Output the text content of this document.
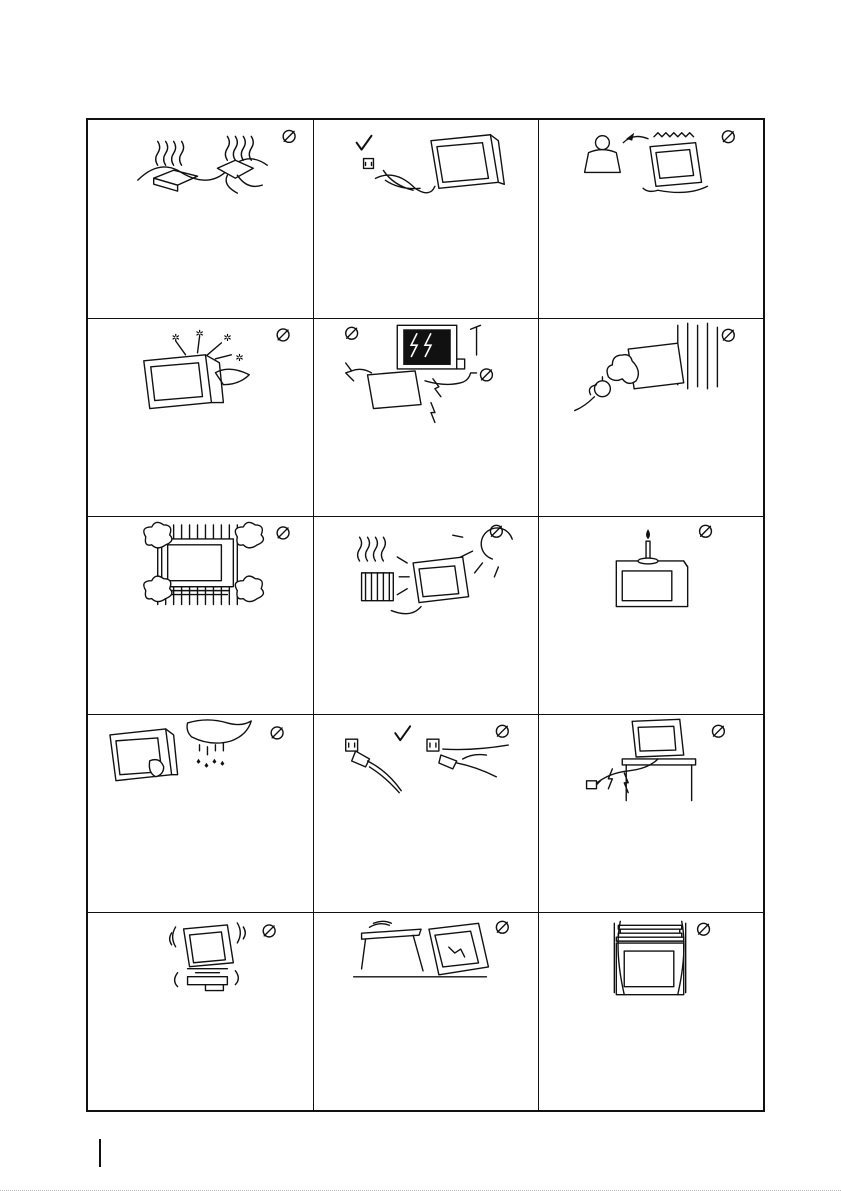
✲ ✲ ✲
✲
